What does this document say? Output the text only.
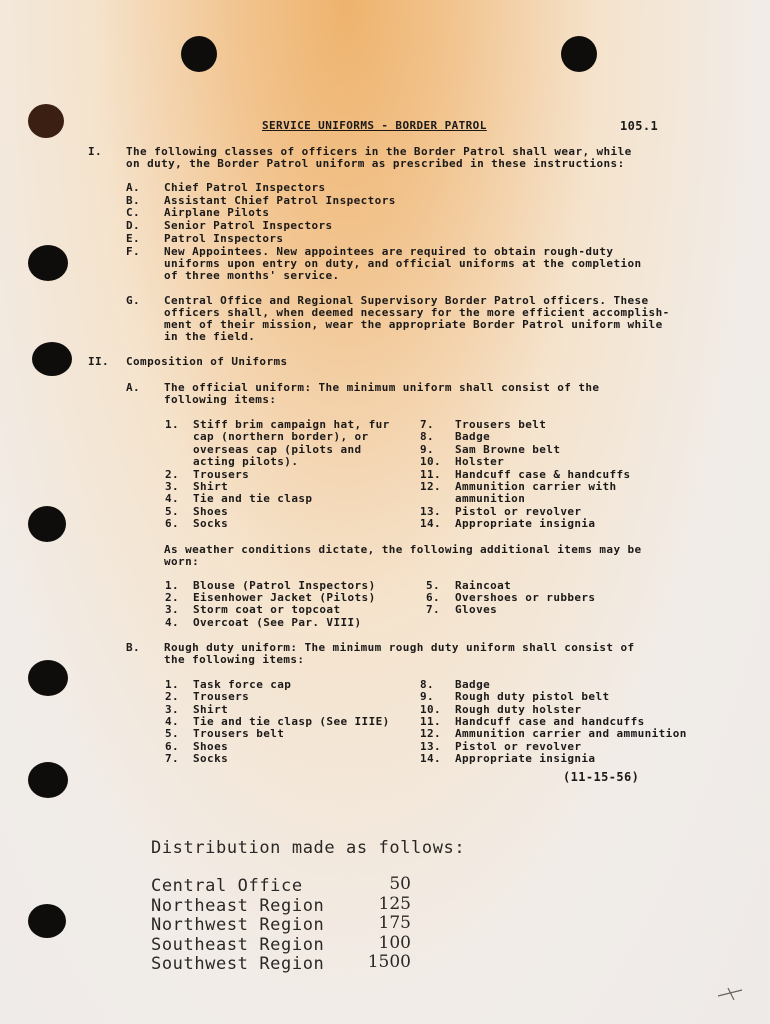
SERVICE UNIFORMS - BORDER PATROL	105.1
I. The following classes of officers in the Border Patrol shall wear, while
on duty, the Border Patrol uniform as prescribed in these instructions:
F. New Appointees. New appointees are required to obtain rough-duty
uniforms upon entry on duty, and official uniforms at the completion
of three months' service.
G. Central Office and Regional Supervisory Border Patrol officers. These
officers shall, when deemed necessary for the more efficient accomplish-
ment of their mission, wear the appropriate Border Patrol uniform while
in the field.
II. Composition of Uniforms
A. The official uniform: The minimum uniform shall consist of the
following items:
As weather conditions dictate, the following additional items may be
worn:
B. Rough duty uniform: The minimum rough duty uniform shall consist of
the following items:
(11-15-56)
Distribution made as follows:
A. Chief Patrol Inspectors
B. Assistant Chief Patrol Inspectors
C. Airplane Pilots
D. Senior Patrol Inspectors
E. Patrol Inspectors
1. Stiff brim campaign hat, fur
cap (northern border), or
overseas cap (pilots and
acting pilots).
2. Trousers
3. Shirt
4. Tie and tie clasp
5. Shoes
6. Socks
7. Trousers belt
8. Badge
9. Sam Browne belt
10. Holster
11. Handcuff case & handcuffs
12. Ammunition carrier with
ammunition
13. Pistol or revolver
14. Appropriate insignia
1. Blouse (Patrol Inspectors)
2. Eisenhower Jacket (Pilots)
3. Storm coat or topcoat
4. Overcoat (See Par. VIII)
5. Raincoat
6. Overshoes or rubbers
7. Gloves
1. Task force cap
2. Trousers
3. Shirt
4. Tie and tie clasp (See IIIE)
5. Trousers belt
6. Shoes
7. Socks
8. Badge
9. Rough duty pistol belt
10. Rough duty holster
11. Handcuff case and handcuffs
12. Ammunition carrier and ammunition
13. Pistol or revolver
14. Appropriate insignia
Central Office	50
Northeast Region	125
Northwest Region	175
Southeast Region	100
Southwest Region	1500
